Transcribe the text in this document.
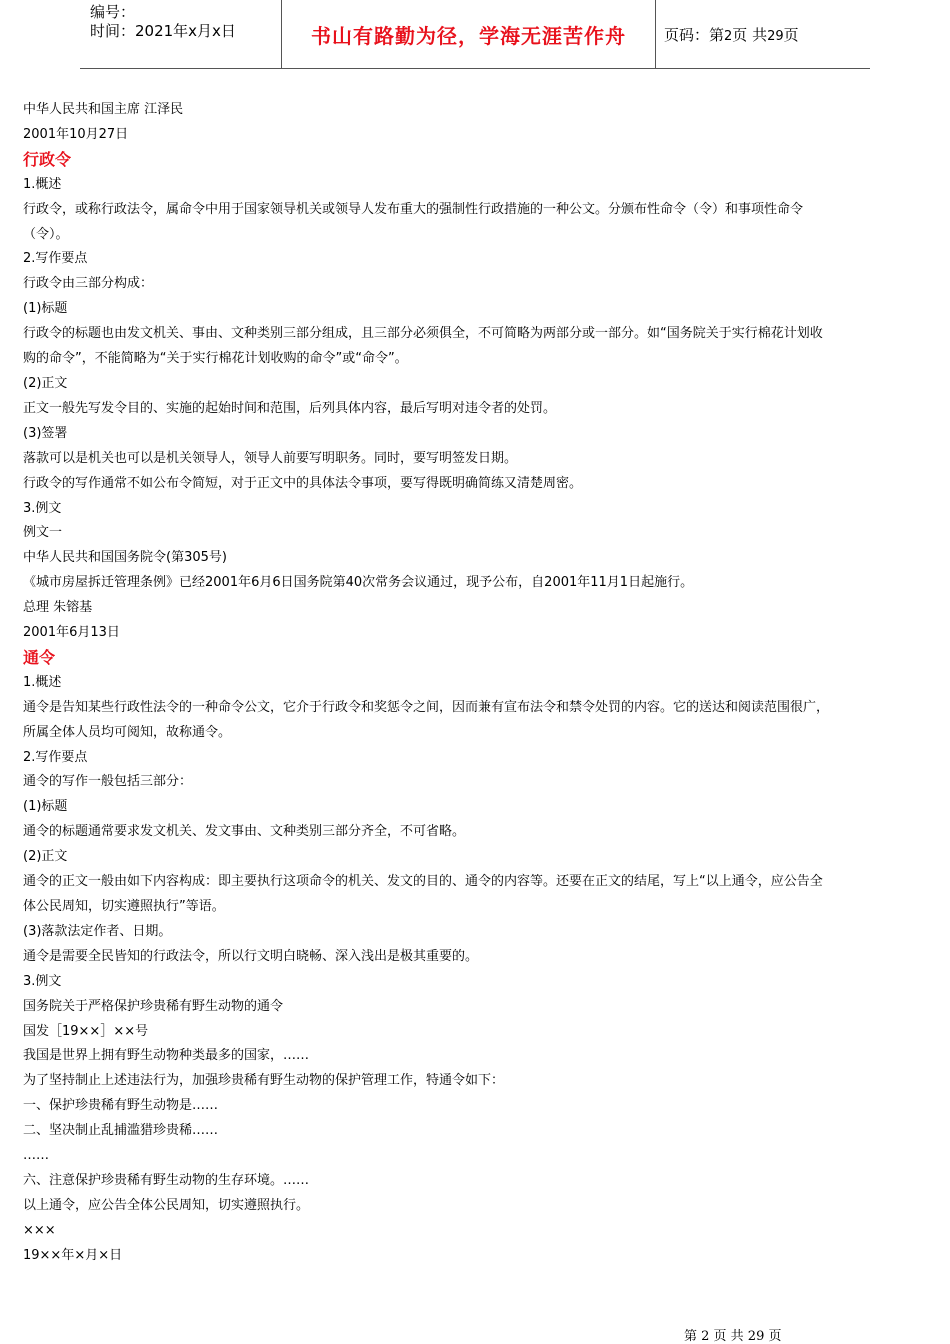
编号：
时间：2021年x月x日	书山有路勤为径，学海无涯苦作舟	页码：第2页 共29页
中华人民共和国主席 江泽民
2001年10月27日
行政令
1.概述
行政令，或称行政法令，属命令中用于国家领导机关或领导人发布重大的强制性行政措施的一种公文。分颁布性命令（令）和事项性命令
（令）。
2.写作要点
行政令由三部分构成：
(1)标题
行政令的标题也由发文机关、事由、文种类别三部分组成，且三部分必须俱全，不可简略为两部分或一部分。如“国务院关于实行棉花计划收
购的命令”，不能简略为“关于实行棉花计划收购的命令”或“命令”。
(2)正文
正文一般先写发令目的、实施的起始时间和范围，后列具体内容，最后写明对违令者的处罚。
(3)签署
落款可以是机关也可以是机关领导人，领导人前要写明职务。同时，要写明签发日期。
行政令的写作通常不如公布令简短，对于正文中的具体法令事项，要写得既明确简练又清楚周密。
3.例文
例文一
中华人民共和国国务院令(第305号)
《城市房屋拆迁管理条例》已经2001年6月6日国务院第40次常务会议通过，现予公布，自2001年11月1日起施行。
总理 朱镕基
2001年6月13日
通令
1.概述
通令是告知某些行政性法令的一种命令公文，它介于行政令和奖惩令之间，因而兼有宣布法令和禁令处罚的内容。它的送达和阅读范围很广，
所属全体人员均可阅知，故称通令。
2.写作要点
通令的写作一般包括三部分：
(1)标题
通令的标题通常要求发文机关、发文事由、文种类别三部分齐全，不可省略。
(2)正文
通令的正文一般由如下内容构成：即主要执行这项命令的机关、发文的目的、通令的内容等。还要在正文的结尾，写上“以上通令，应公告全
体公民周知，切实遵照执行”等语。
(3)落款法定作者、日期。
通令是需要全民皆知的行政法令，所以行文明白晓畅、深入浅出是极其重要的。
3.例文
国务院关于严格保护珍贵稀有野生动物的通令
国发［19××］××号
我国是世界上拥有野生动物种类最多的国家，……
为了坚持制止上述违法行为，加强珍贵稀有野生动物的保护管理工作，特通令如下：
一、保护珍贵稀有野生动物是……
二、坚决制止乱捕滥猎珍贵稀……
……
六、注意保护珍贵稀有野生动物的生存环境。……
以上通令，应公告全体公民周知，切实遵照执行。
×××
19××年×月×日
第 2 页 共 29 页
